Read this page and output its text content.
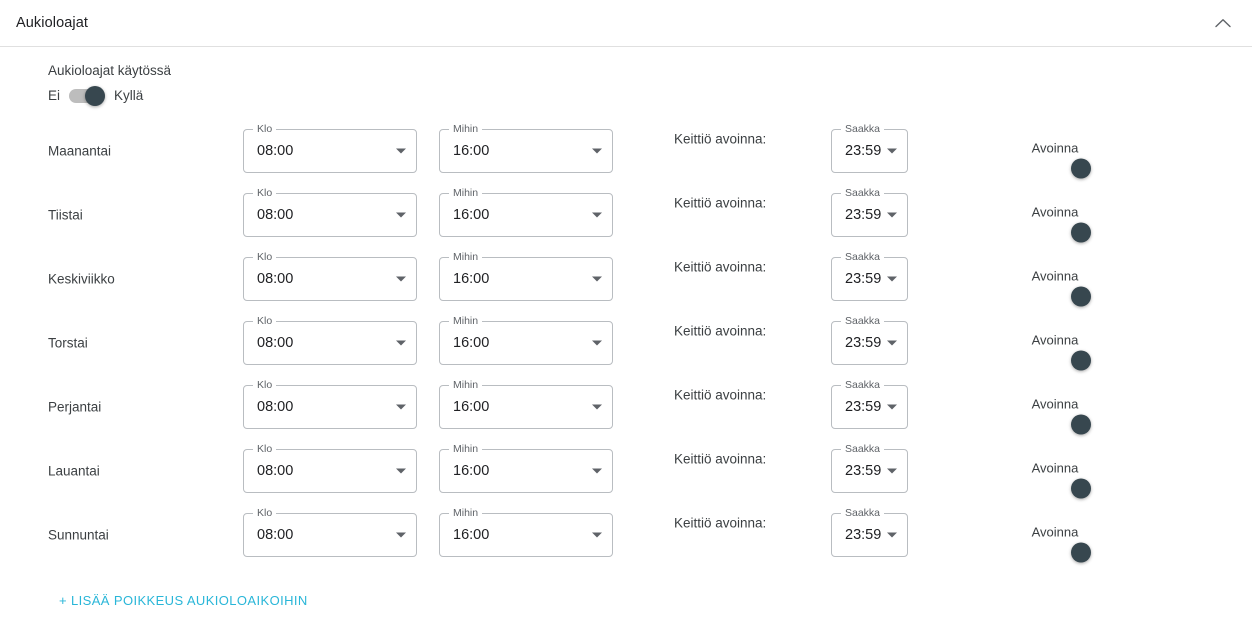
Aukioloajat
Aukioloajat käytössä
Ei	Kyllä
Maanantai
Klo
08:00
Mihin
16:00
Keittiö avoinna:
Saakka
23:59	Avoinna
Tiistai
Klo
08:00
Mihin
16:00
Keittiö avoinna:
Saakka
23:59	Avoinna
Keskiviikko
Klo
08:00
Mihin
16:00
Keittiö avoinna:
Saakka
23:59	Avoinna
Torstai
Klo
08:00
Mihin
16:00
Keittiö avoinna:
Saakka
23:59	Avoinna
Perjantai
Klo
08:00
Mihin
16:00
Keittiö avoinna:
Saakka
23:59	Avoinna
Lauantai
Klo
08:00
Mihin
16:00
Keittiö avoinna:
Saakka
23:59	Avoinna
Sunnuntai
Klo
08:00
Mihin
16:00
Keittiö avoinna:
Saakka
23:59	Avoinna
+ LISÄÄ POIKKEUS AUKIOLOAIKOIHIN
